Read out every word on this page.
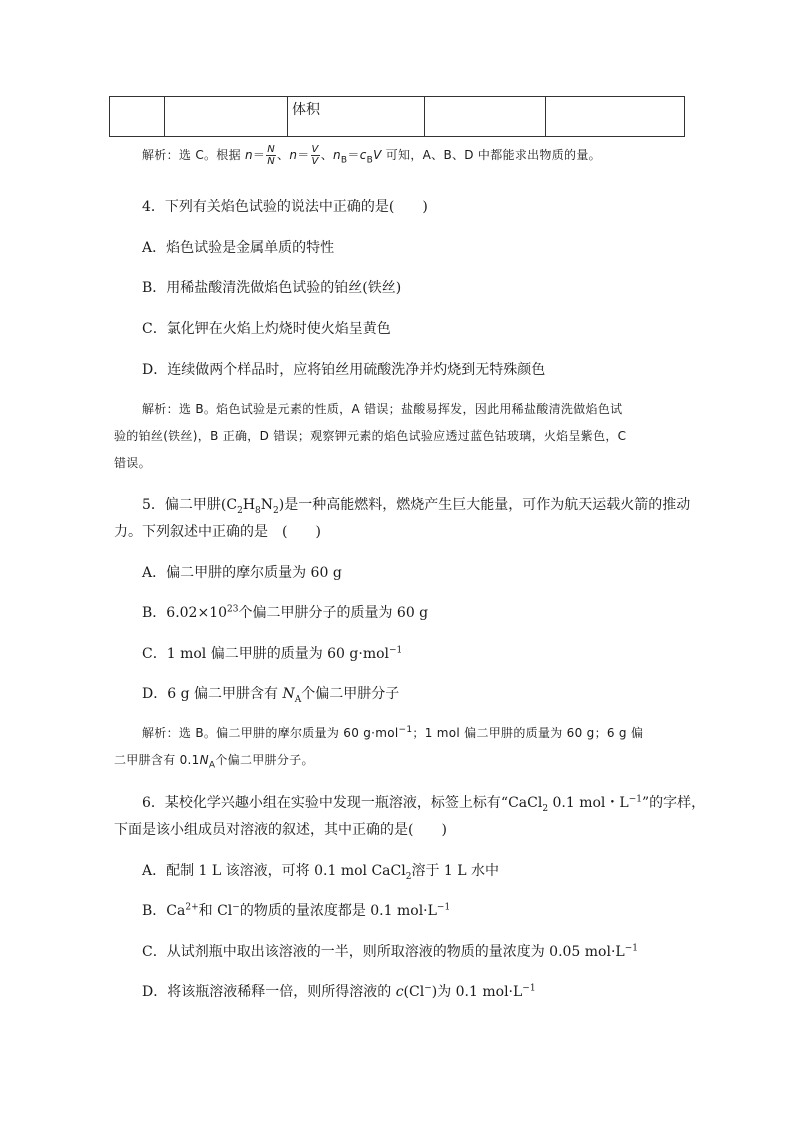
		体积		
解析：选 C。根据 $n= \frac{N}{N}$ 、$n= \frac{V}{V}$ 、$n_B=c_BV$ 可知，A、B、D 中都能求出物质的量。
4．下列有关焰色试验的说法中正确的是(　　)
A．焰色试验是金属单质的特性
B．用稀盐酸清洗做焰色试验的铂丝(铁丝)
C．氯化钾在火焰上灼烧时使火焰呈黄色
D．连续做两个样品时，应将铂丝用硫酸洗净并灼烧到无特殊颜色
解析：选 B。焰色试验是元素的性质，A 错误；盐酸易挥发，因此用稀盐酸清洗做焰色试
验的铂丝(铁丝)，B 正确，D 错误；观察钾元素的焰色试验应透过蓝色钴玻璃，火焰呈紫色，C
错误。
5．偏二甲肼$(C_2H_8N_2)$是一种高能燃料，燃烧产生巨大能量，可作为航天运载火箭的推动
力。下列叙述中正确的是　(　　)
A．偏二甲肼的摩尔质量为 60 g
B．$6.02\times 10^{23}$个偏二甲肼分子的质量为 60 g
C．1 mol 偏二甲肼的质量为 60 g·mol$^{-1}$
D．6 g 偏二甲肼含有 $N_A$个偏二甲肼分子
解析：选 B。偏二甲肼的摩尔质量为 60 g·mol$^{-1}$；1 mol 偏二甲肼的质量为 60 g；6 g 偏
二甲肼含有 $0.1N_A$个偏二甲肼分子。
6．某校化学兴趣小组在实验中发现一瓶溶液，标签上标有“CaCl$_2$ 0.1 mol・$L^{-1}$”的字样，
下面是该小组成员对溶液的叙述，其中正确的是(　　)
A．配制 1 L 该溶液，可将 0.1 mol CaCl$_2$溶于 1 L 水中
B．$Ca^{2+}$和 Cl−的物质的量浓度都是 0.1 $mol\cdot L^{-1}$
C．从试剂瓶中取出该溶液的一半，则所取溶液的物质的量浓度为 0.05 $mol\cdot L^{-1}$
D．将该瓶溶液稀释一倍，则所得溶液的 c(Cl−)为 0.1 $mol\cdot L^{-1}$
